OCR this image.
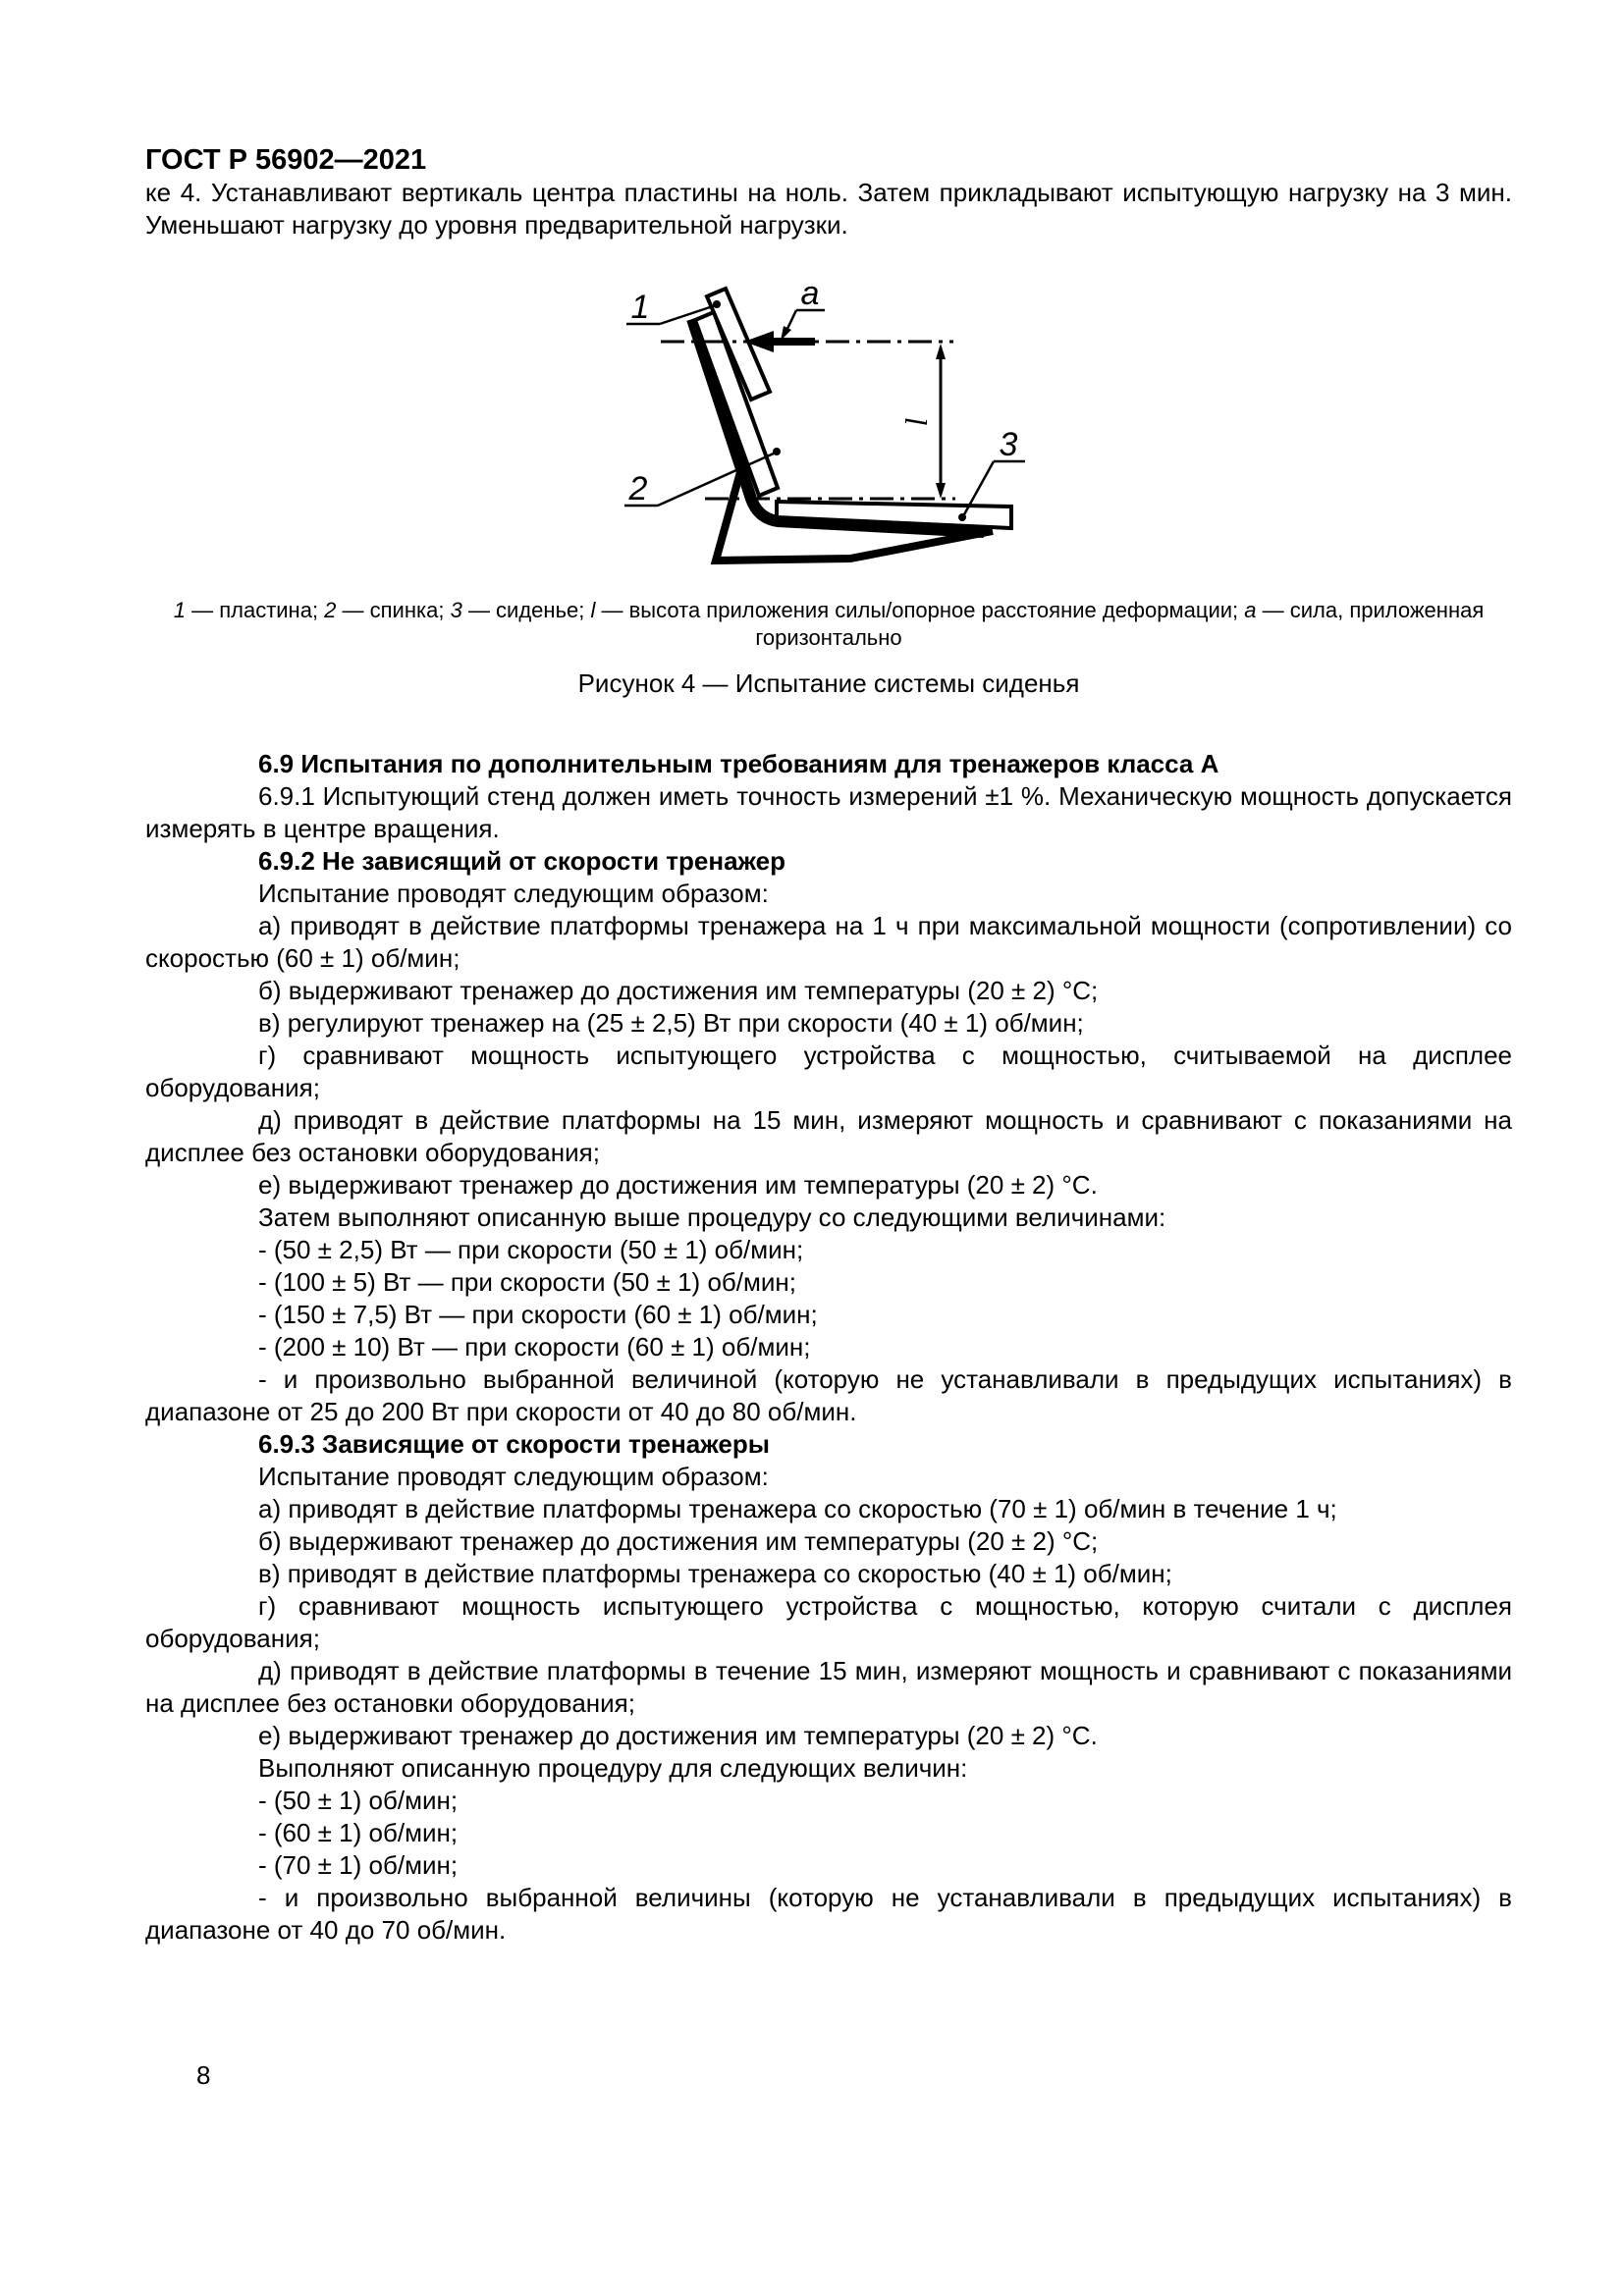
ГОСТ Р 56902—2021

ке 4. Устанавливают вертикаль центра пластины на ноль. Затем прикладывают испытующую нагрузку на 3 мин. Уменьшают нагрузку до уровня предварительной нагрузки.

a
l
1
2
3
1 — пластина; 2 — спинка; 3 — сиденье; l — высота приложения силы/опорное расстояние деформации; a — сила, приложенная
горизонтально
Рисунок 4 — Испытание системы сиденья
6.9 Испытания по дополнительным требованиям для тренажеров класса А

6.9.1 Испытующий стенд должен иметь точность измерений ±1 %. Механическую мощность допускается измерять в центре вращения.

6.9.2 Не зависящий от скорости тренажер

Испытание проводят следующим образом:

а) приводят в действие платформы тренажера на 1 ч при максимальной мощности (сопротивлении) со скоростью (60 ± 1) об/мин;

б) выдерживают тренажер до достижения им температуры (20 ± 2) °С;

в) регулируют тренажер на (25 ± 2,5) Вт при скорости (40 ± 1) об/мин;

г) сравнивают мощность испытующего устройства с мощностью, считываемой на дисплее оборудования;

д) приводят в действие платформы на 15 мин, измеряют мощность и сравнивают с показаниями на дисплее без остановки оборудования;

е) выдерживают тренажер до достижения им температуры (20 ± 2) °С.

Затем выполняют описанную выше процедуру со следующими величинами:

- (50 ± 2,5) Вт — при скорости (50 ± 1) об/мин;

- (100 ± 5) Вт — при скорости (50 ± 1) об/мин;

- (150 ± 7,5) Вт — при скорости (60 ± 1) об/мин;

- (200 ± 10) Вт — при скорости (60 ± 1) об/мин;

- и произвольно выбранной величиной (которую не устанавливали в предыдущих испытаниях) в диапазоне от 25 до 200 Вт при скорости от 40 до 80 об/мин.

6.9.3 Зависящие от скорости тренажеры

Испытание проводят следующим образом:

а) приводят в действие платформы тренажера со скоростью (70 ± 1) об/мин в течение 1 ч;

б) выдерживают тренажер до достижения им температуры (20 ± 2) °С;

в) приводят в действие платформы тренажера со скоростью (40 ± 1) об/мин;

г) сравнивают мощность испытующего устройства с мощностью, которую считали с дисплея оборудования;

д) приводят в действие платформы в течение 15 мин, измеряют мощность и сравнивают с показаниями на дисплее без остановки оборудования;

е) выдерживают тренажер до достижения им температуры (20 ± 2) °С.

Выполняют описанную процедуру для следующих величин:

- (50 ± 1) об/мин;

- (60 ± 1) об/мин;

- (70 ± 1) об/мин;

- и произвольно выбранной величины (которую не устанавливали в предыдущих испытаниях) в диапазоне от 40 до 70 об/мин.

8
